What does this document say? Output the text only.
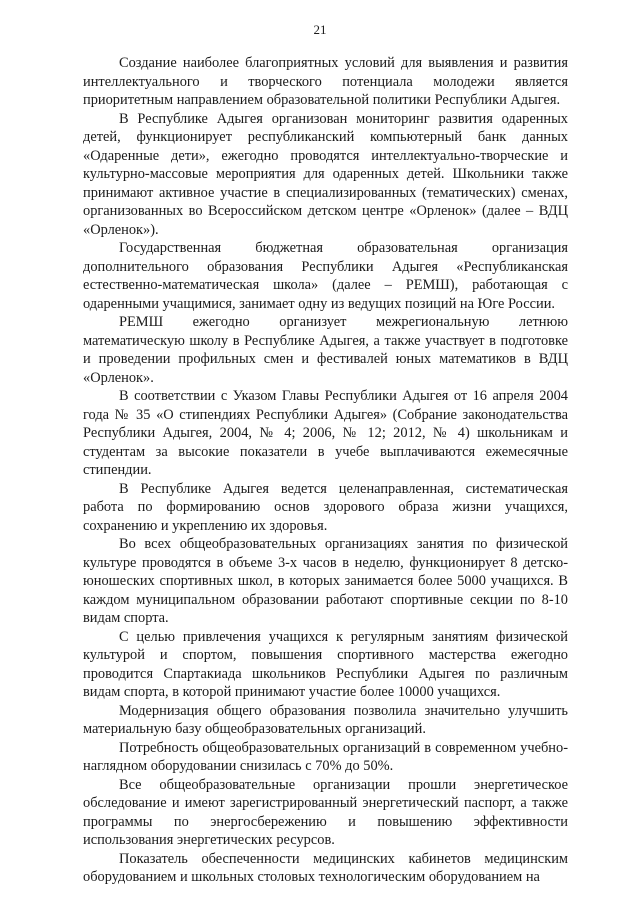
21

Создание наиболее благоприятных условий для выявления и развития интеллектуального и творческого потенциала молодежи является приоритетным направлением образовательной политики Республики Адыгея.

В Республике Адыгея организован мониторинг развития одаренных детей, функционирует республиканский компьютерный банк данных «Одаренные дети», ежегодно проводятся интеллектуально-творческие и культурно-массовые мероприятия для одаренных детей. Школьники также принимают активное участие в специализированных (тематических) сменах, организованных во Всероссийском детском центре «Орленок» (далее – ВДЦ «Орленок»).

Государственная бюджетная образовательная организация дополнительного образования Республики Адыгея «Республиканская естественно-математическая школа» (далее – РЕМШ), работающая с одаренными учащимися, занимает одну из ведущих позиций на Юге России.

РЕМШ ежегодно организует межрегиональную летнюю математическую школу в Республике Адыгея, а также участвует в подготовке и проведении профильных смен и фестивалей юных математиков в ВДЦ «Орленок».

В соответствии с Указом Главы Республики Адыгея от 16 апреля 2004 года № 35 «О стипендиях Республики Адыгея» (Собрание законодательства Республики Адыгея, 2004, № 4; 2006, № 12; 2012, № 4) школьникам и студентам за высокие показатели в учебе выплачиваются ежемесячные стипендии.

В Республике Адыгея ведется целенаправленная, систематическая работа по формированию основ здорового образа жизни учащихся, сохранению и укреплению их здоровья.

Во всех общеобразовательных организациях занятия по физической культуре проводятся в объеме 3-х часов в неделю, функционирует 8 детско-юношеских спортивных школ, в которых занимается более 5000 учащихся. В каждом муниципальном образовании работают спортивные секции по 8-10 видам спорта.

С целью привлечения учащихся к регулярным занятиям физической культурой и спортом, повышения спортивного мастерства ежегодно проводится Спартакиада школьников Республики Адыгея по различным видам спорта, в которой принимают участие более 10000 учащихся.

Модернизация общего образования позволила значительно улучшить материальную базу общеобразовательных организаций.

Потребность общеобразовательных организаций в современном учебно-наглядном оборудовании снизилась с 70% до 50%.

Все общеобразовательные организации прошли энергетическое обследование и имеют зарегистрированный энергетический паспорт, а также программы по энергосбережению и повышению эффективности использования энергетических ресурсов.

Показатель обеспеченности медицинских кабинетов медицинским оборудованием и школьных столовых технологическим оборудованием на
